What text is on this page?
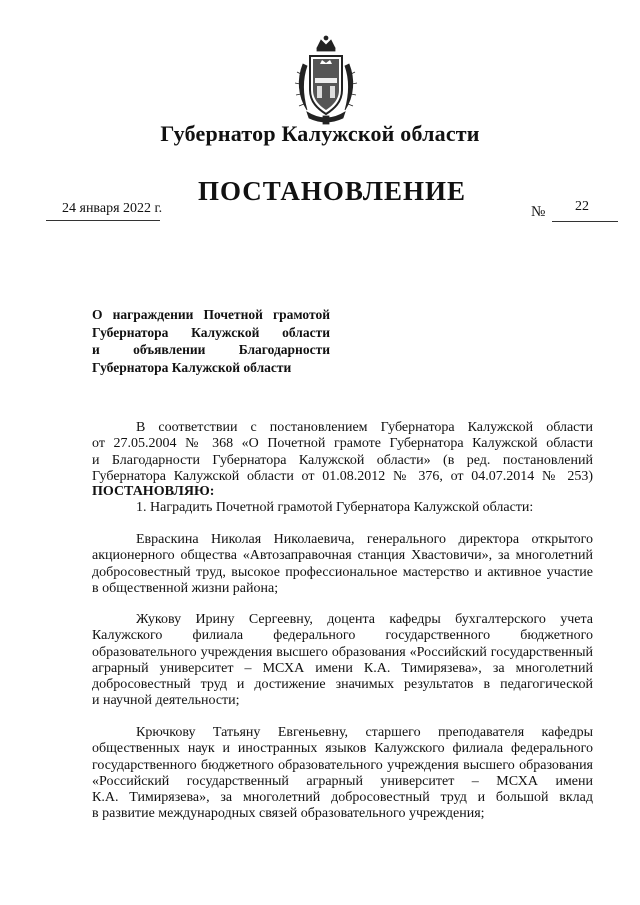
Губернатор Калужской области
ПОСТАНОВЛЕНИЕ
24 января 2022 г.	№ 22
О награждении Почетной грамотой
Губернатора Калужской области
и объявлении Благодарности
Губернатора Калужской области
В соответствии с постановлением Губернатора Калужской области
от 27.05.2004 № 368 «О Почетной грамоте Губернатора Калужской области
и Благодарности Губернатора Калужской области» (в ред. постановлений
Губернатора Калужской области от 01.08.2012 № 376, от 04.07.2014 № 253)
ПОСТАНОВЛЯЮ:
1. Наградить Почетной грамотой Губернатора Калужской области:
Евраскина Николая Николаевича, генерального директора открытого
акционерного общества «Автозаправочная станция Хвастовичи», за многолетний
добросовестный труд, высокое профессиональное мастерство и активное участие
в общественной жизни района;
Жукову Ирину Сергеевну, доцента кафедры бухгалтерского учета
Калужского филиала федерального государственного бюджетного
образовательного учреждения высшего образования «Российский государственный
аграрный университет – МСХА имени К.А. Тимирязева», за многолетний
добросовестный труд и достижение значимых результатов в педагогической
и научной деятельности;
Крючкову Татьяну Евгеньевну, старшего преподавателя кафедры
общественных наук и иностранных языков Калужского филиала федерального
государственного бюджетного образовательного учреждения высшего образования
«Российский государственный аграрный университет – МСХА имени
К.А. Тимирязева», за многолетний добросовестный труд и большой вклад
в развитие международных связей образовательного учреждения;
